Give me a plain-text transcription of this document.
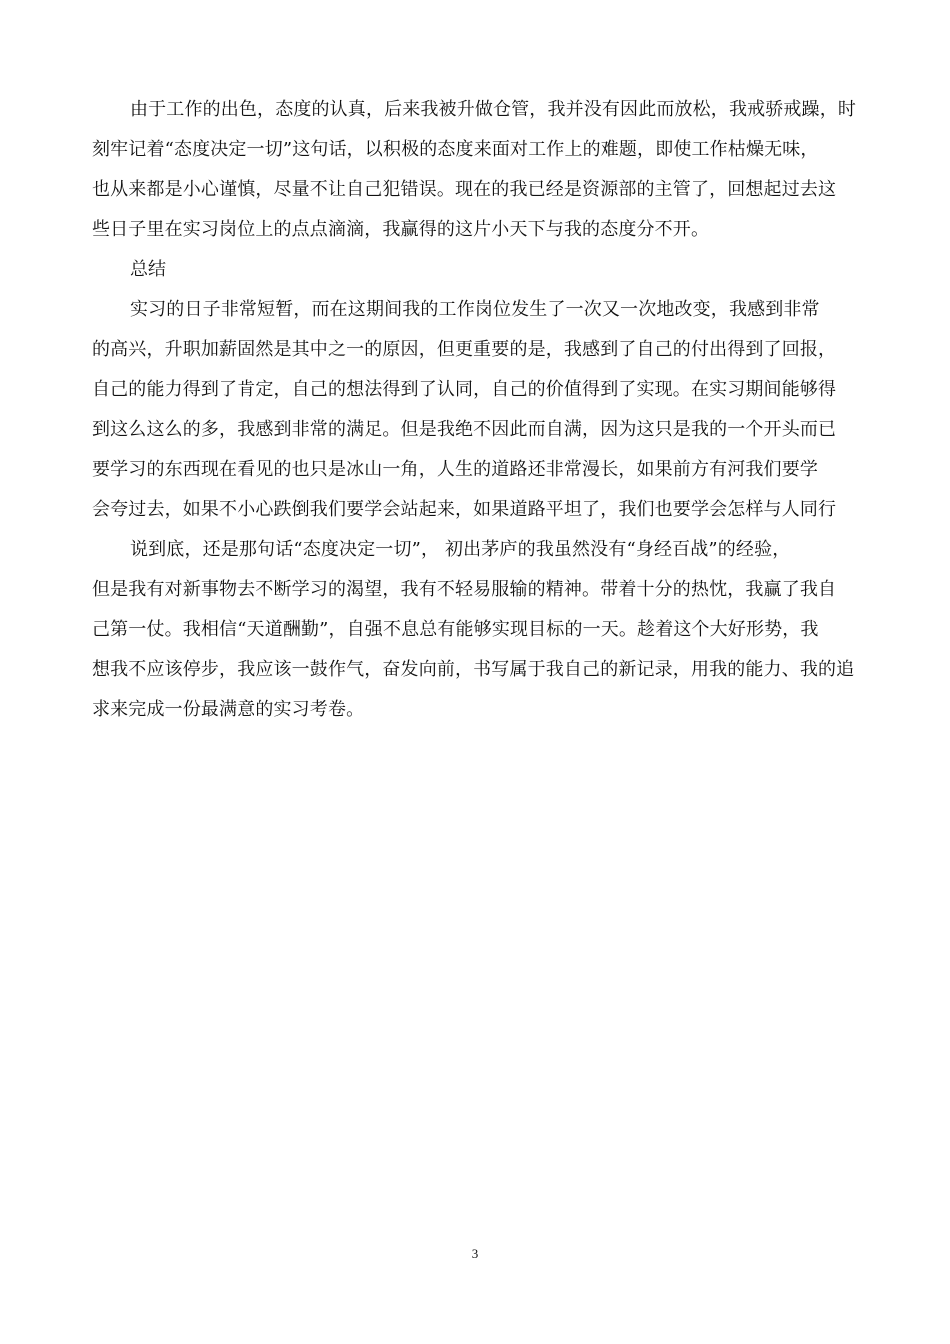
由于工作的出色，态度的认真，后来我被升做仓管，我并没有因此而放松，我戒骄戒躁，时
刻牢记着“态度决定一切”这句话，以积极的态度来面对工作上的难题，即使工作枯燥无味，
也从来都是小心谨慎，尽量不让自己犯错误。现在的我已经是资源部的主管了，回想起过去这
些日子里在实习岗位上的点点滴滴，我赢得的这片小天下与我的态度分不开。

总结

实习的日子非常短暂，而在这期间我的工作岗位发生了一次又一次地改变，我感到非常
的高兴，升职加薪固然是其中之一的原因，但更重要的是，我感到了自己的付出得到了回报，
自己的能力得到了肯定，自己的想法得到了认同，自己的价值得到了实现。在实习期间能够得
到这么这么的多，我感到非常的满足。但是我绝不因此而自满，因为这只是我的一个开头而已
要学习的东西现在看见的也只是冰山一角，人生的道路还非常漫长，如果前方有河我们要学
会夸过去，如果不小心跌倒我们要学会站起来，如果道路平坦了，我们也要学会怎样与人同行

说到底，还是那句话“态度决定一切”， 初出茅庐的我虽然没有“身经百战”的经验，
但是我有对新事物去不断学习的渴望，我有不轻易服输的精神。带着十分的热忱，我赢了我自
己第一仗。我相信“天道酬勤”，自强不息总有能够实现目标的一天。趁着这个大好形势，我
想我不应该停步，我应该一鼓作气，奋发向前，书写属于我自己的新记录，用我的能力、我的追
求来完成一份最满意的实习考卷。

3
